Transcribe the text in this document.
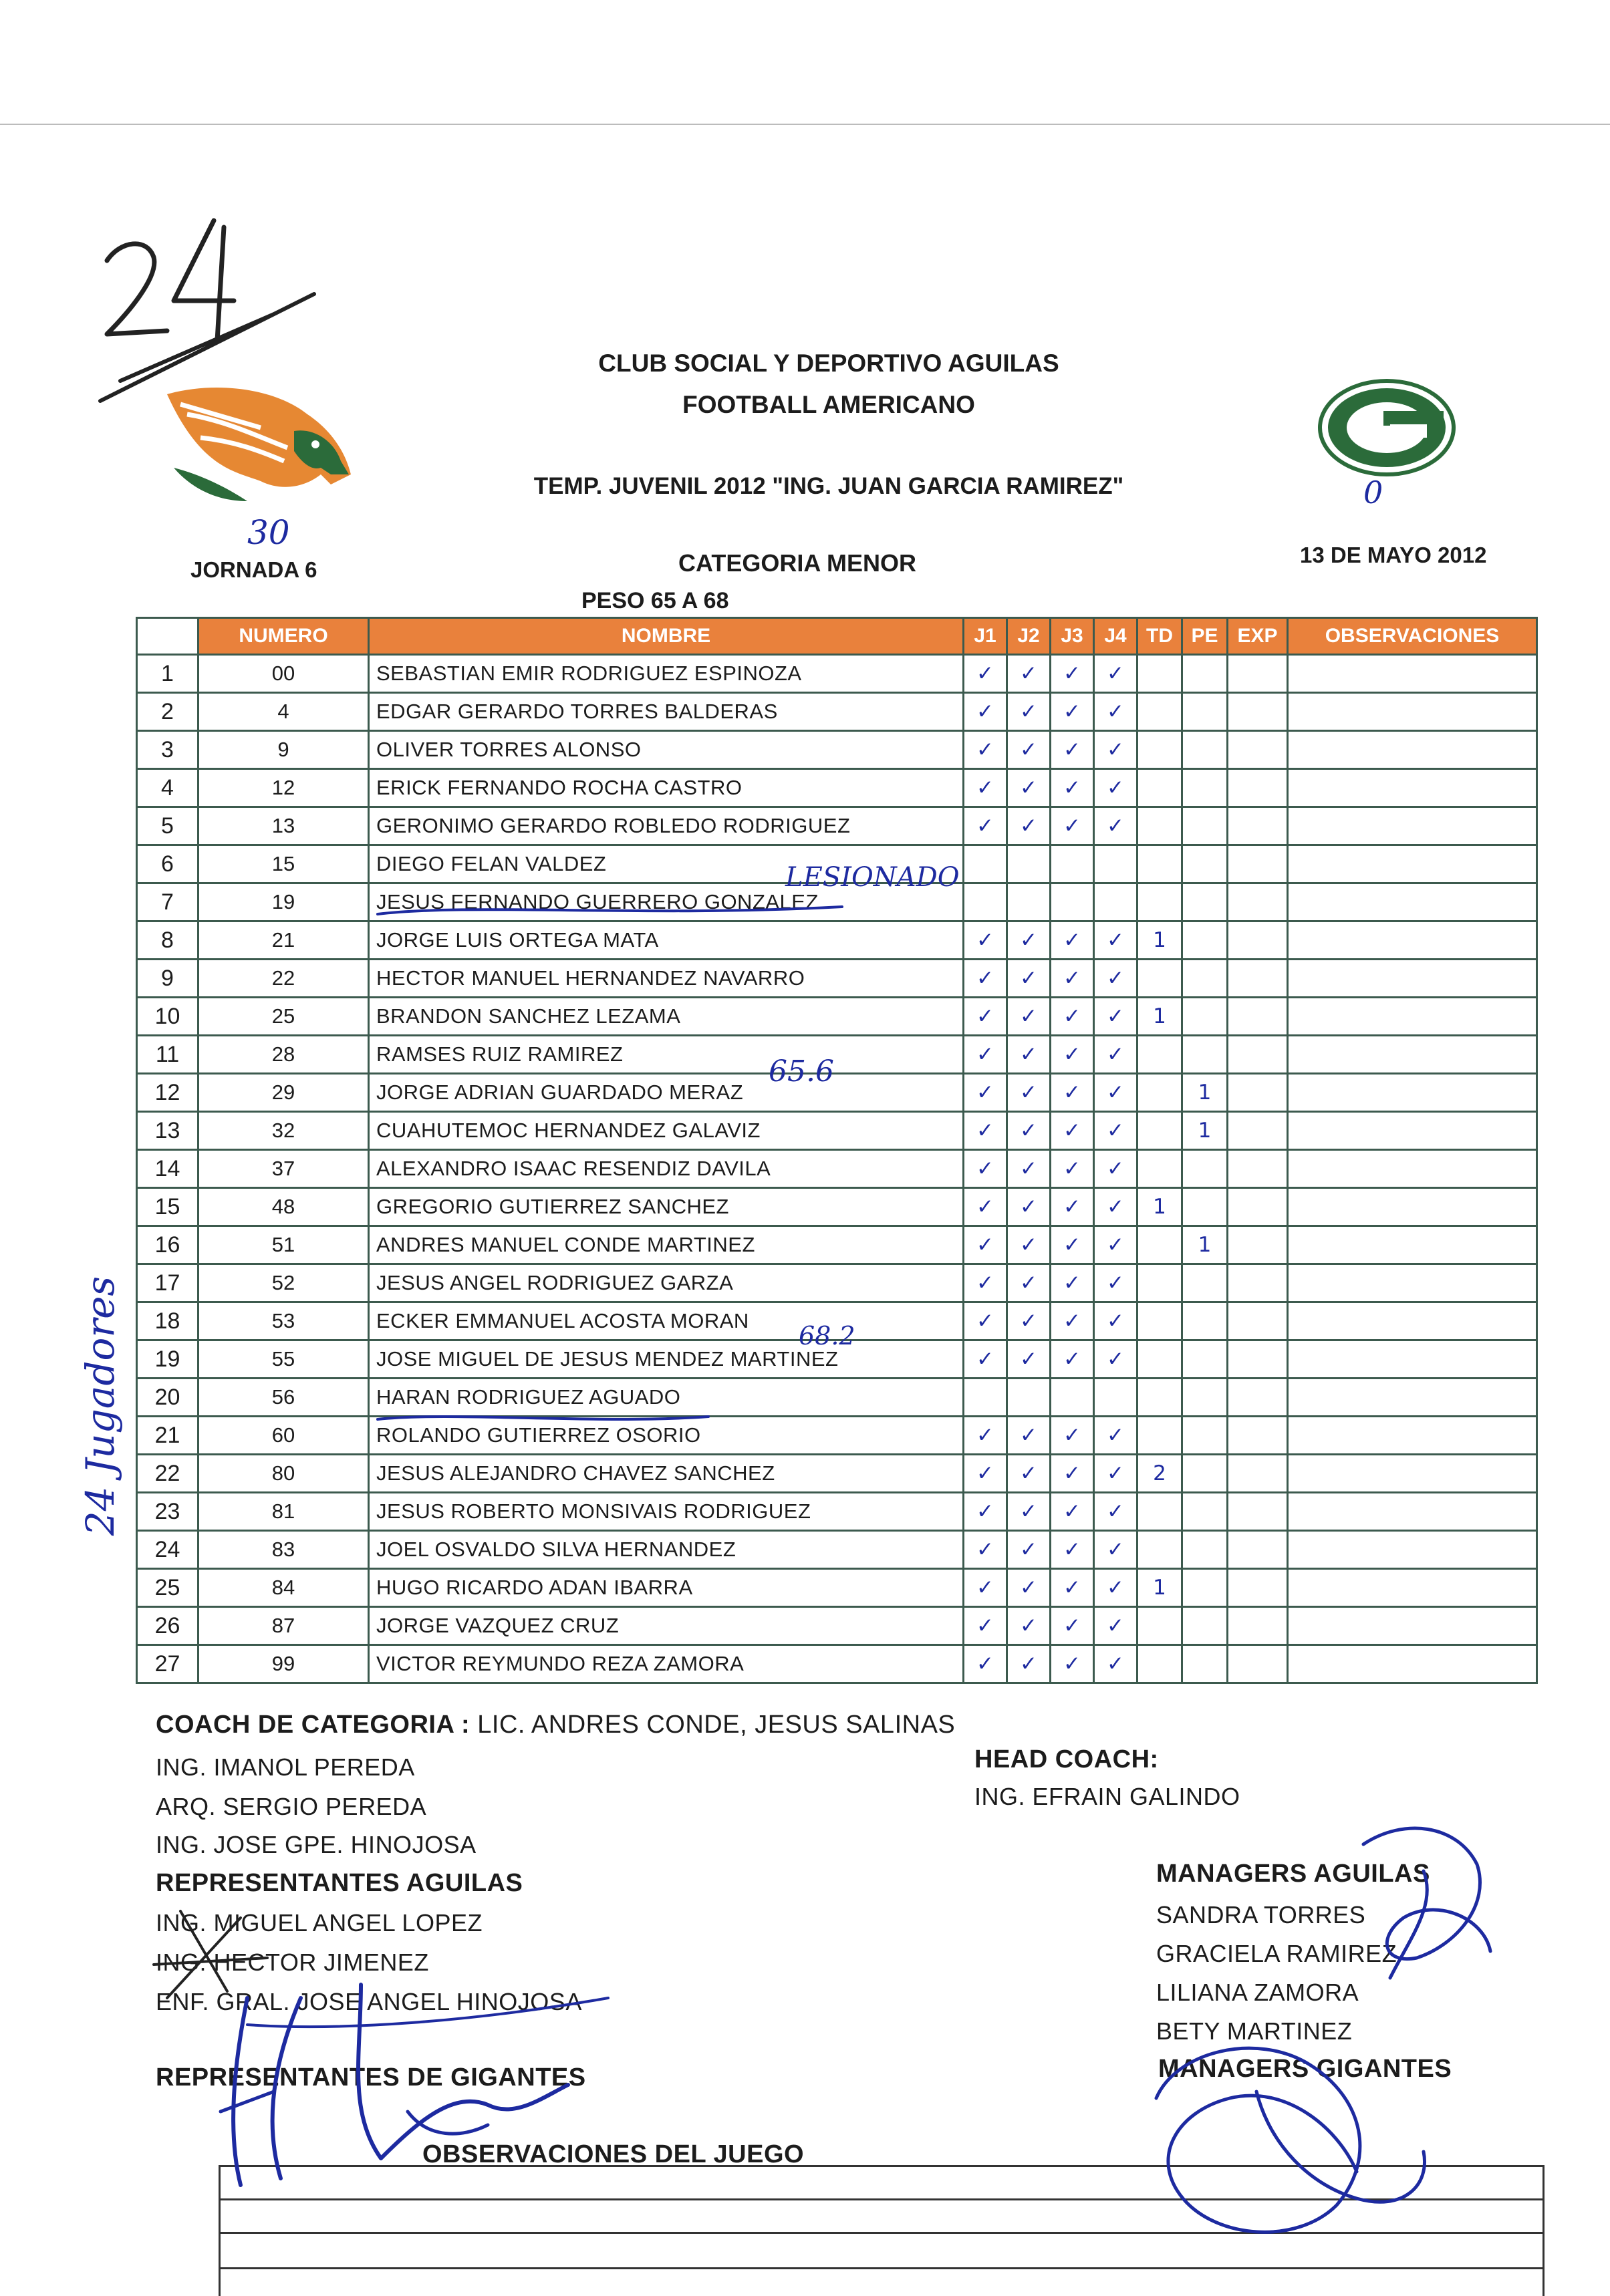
30
CLUB SOCIAL Y DEPORTIVO AGUILAS
FOOTBALL AMERICANO
TEMP. JUVENIL 2012 "ING. JUAN GARCIA RAMIREZ"	0
JORNADA 6	CATEGORIA MENOR	13 DE MAYO 2012
PESO 65 A 68
	NUMERO	NOMBRE	J1	J2	J3	J4	TD	PE	EXP	OBSERVACIONES
1	00	SEBASTIAN EMIR RODRIGUEZ ESPINOZA	✓	✓	✓	✓				
2	4	EDGAR GERARDO TORRES BALDERAS	✓	✓	✓	✓				
3	9	OLIVER TORRES ALONSO	✓	✓	✓	✓				
4	12	ERICK FERNANDO ROCHA CASTRO	✓	✓	✓	✓				
5	13	GERONIMO GERARDO ROBLEDO RODRIGUEZ	✓	✓	✓	✓				
6	15	DIEGO FELAN VALDEZ								
7	19	JESUS FERNANDO GUERRERO GONZALEZ								
8	21	JORGE LUIS ORTEGA MATA	✓	✓	✓	✓	1			
9	22	HECTOR MANUEL HERNANDEZ NAVARRO	✓	✓	✓	✓				
10	25	BRANDON SANCHEZ LEZAMA	✓	✓	✓	✓	1			
11	28	RAMSES RUIZ RAMIREZ	✓	✓	✓	✓				
12	29	JORGE ADRIAN GUARDADO MERAZ	✓	✓	✓	✓		1		
13	32	CUAHUTEMOC HERNANDEZ GALAVIZ	✓	✓	✓	✓		1		
14	37	ALEXANDRO ISAAC RESENDIZ DAVILA	✓	✓	✓	✓				
15	48	GREGORIO GUTIERREZ SANCHEZ	✓	✓	✓	✓	1			
16	51	ANDRES MANUEL CONDE MARTINEZ	✓	✓	✓	✓		1		
17	52	JESUS ANGEL RODRIGUEZ GARZA	✓	✓	✓	✓				
18	53	ECKER EMMANUEL ACOSTA MORAN	✓	✓	✓	✓				
19	55	JOSE MIGUEL DE JESUS MENDEZ MARTINEZ	✓	✓	✓	✓				
20	56	HARAN RODRIGUEZ AGUADO								
21	60	ROLANDO GUTIERREZ OSORIO	✓	✓	✓	✓				
22	80	JESUS ALEJANDRO CHAVEZ SANCHEZ	✓	✓	✓	✓	2			
23	81	JESUS ROBERTO MONSIVAIS RODRIGUEZ	✓	✓	✓	✓				
24	83	JOEL OSVALDO SILVA HERNANDEZ	✓	✓	✓	✓				
25	84	HUGO RICARDO ADAN IBARRA	✓	✓	✓	✓	1			
26	87	JORGE VAZQUEZ CRUZ	✓	✓	✓	✓				
27	99	VICTOR REYMUNDO REZA ZAMORA	✓	✓	✓	✓				
LESIONADO
65.6
68.2
24 Jugadores
COACH DE CATEGORIA : LIC. ANDRES CONDE, JESUS SALINAS
ING. IMANOL PEREDA
ARQ. SERGIO PEREDA
ING. JOSE GPE. HINOJOSA
REPRESENTANTES AGUILAS
ING. MIGUEL ANGEL LOPEZ
ING. HECTOR JIMENEZ
ENF. GRAL. JOSE ANGEL HINOJOSA
REPRESENTANTES DE GIGANTES
HEAD COACH:
ING. EFRAIN GALINDO
MANAGERS AGUILAS
SANDRA TORRES
GRACIELA RAMIREZ
LILIANA ZAMORA
BETY MARTINEZ
MANAGERS GIGANTES
OBSERVACIONES DEL JUEGO
